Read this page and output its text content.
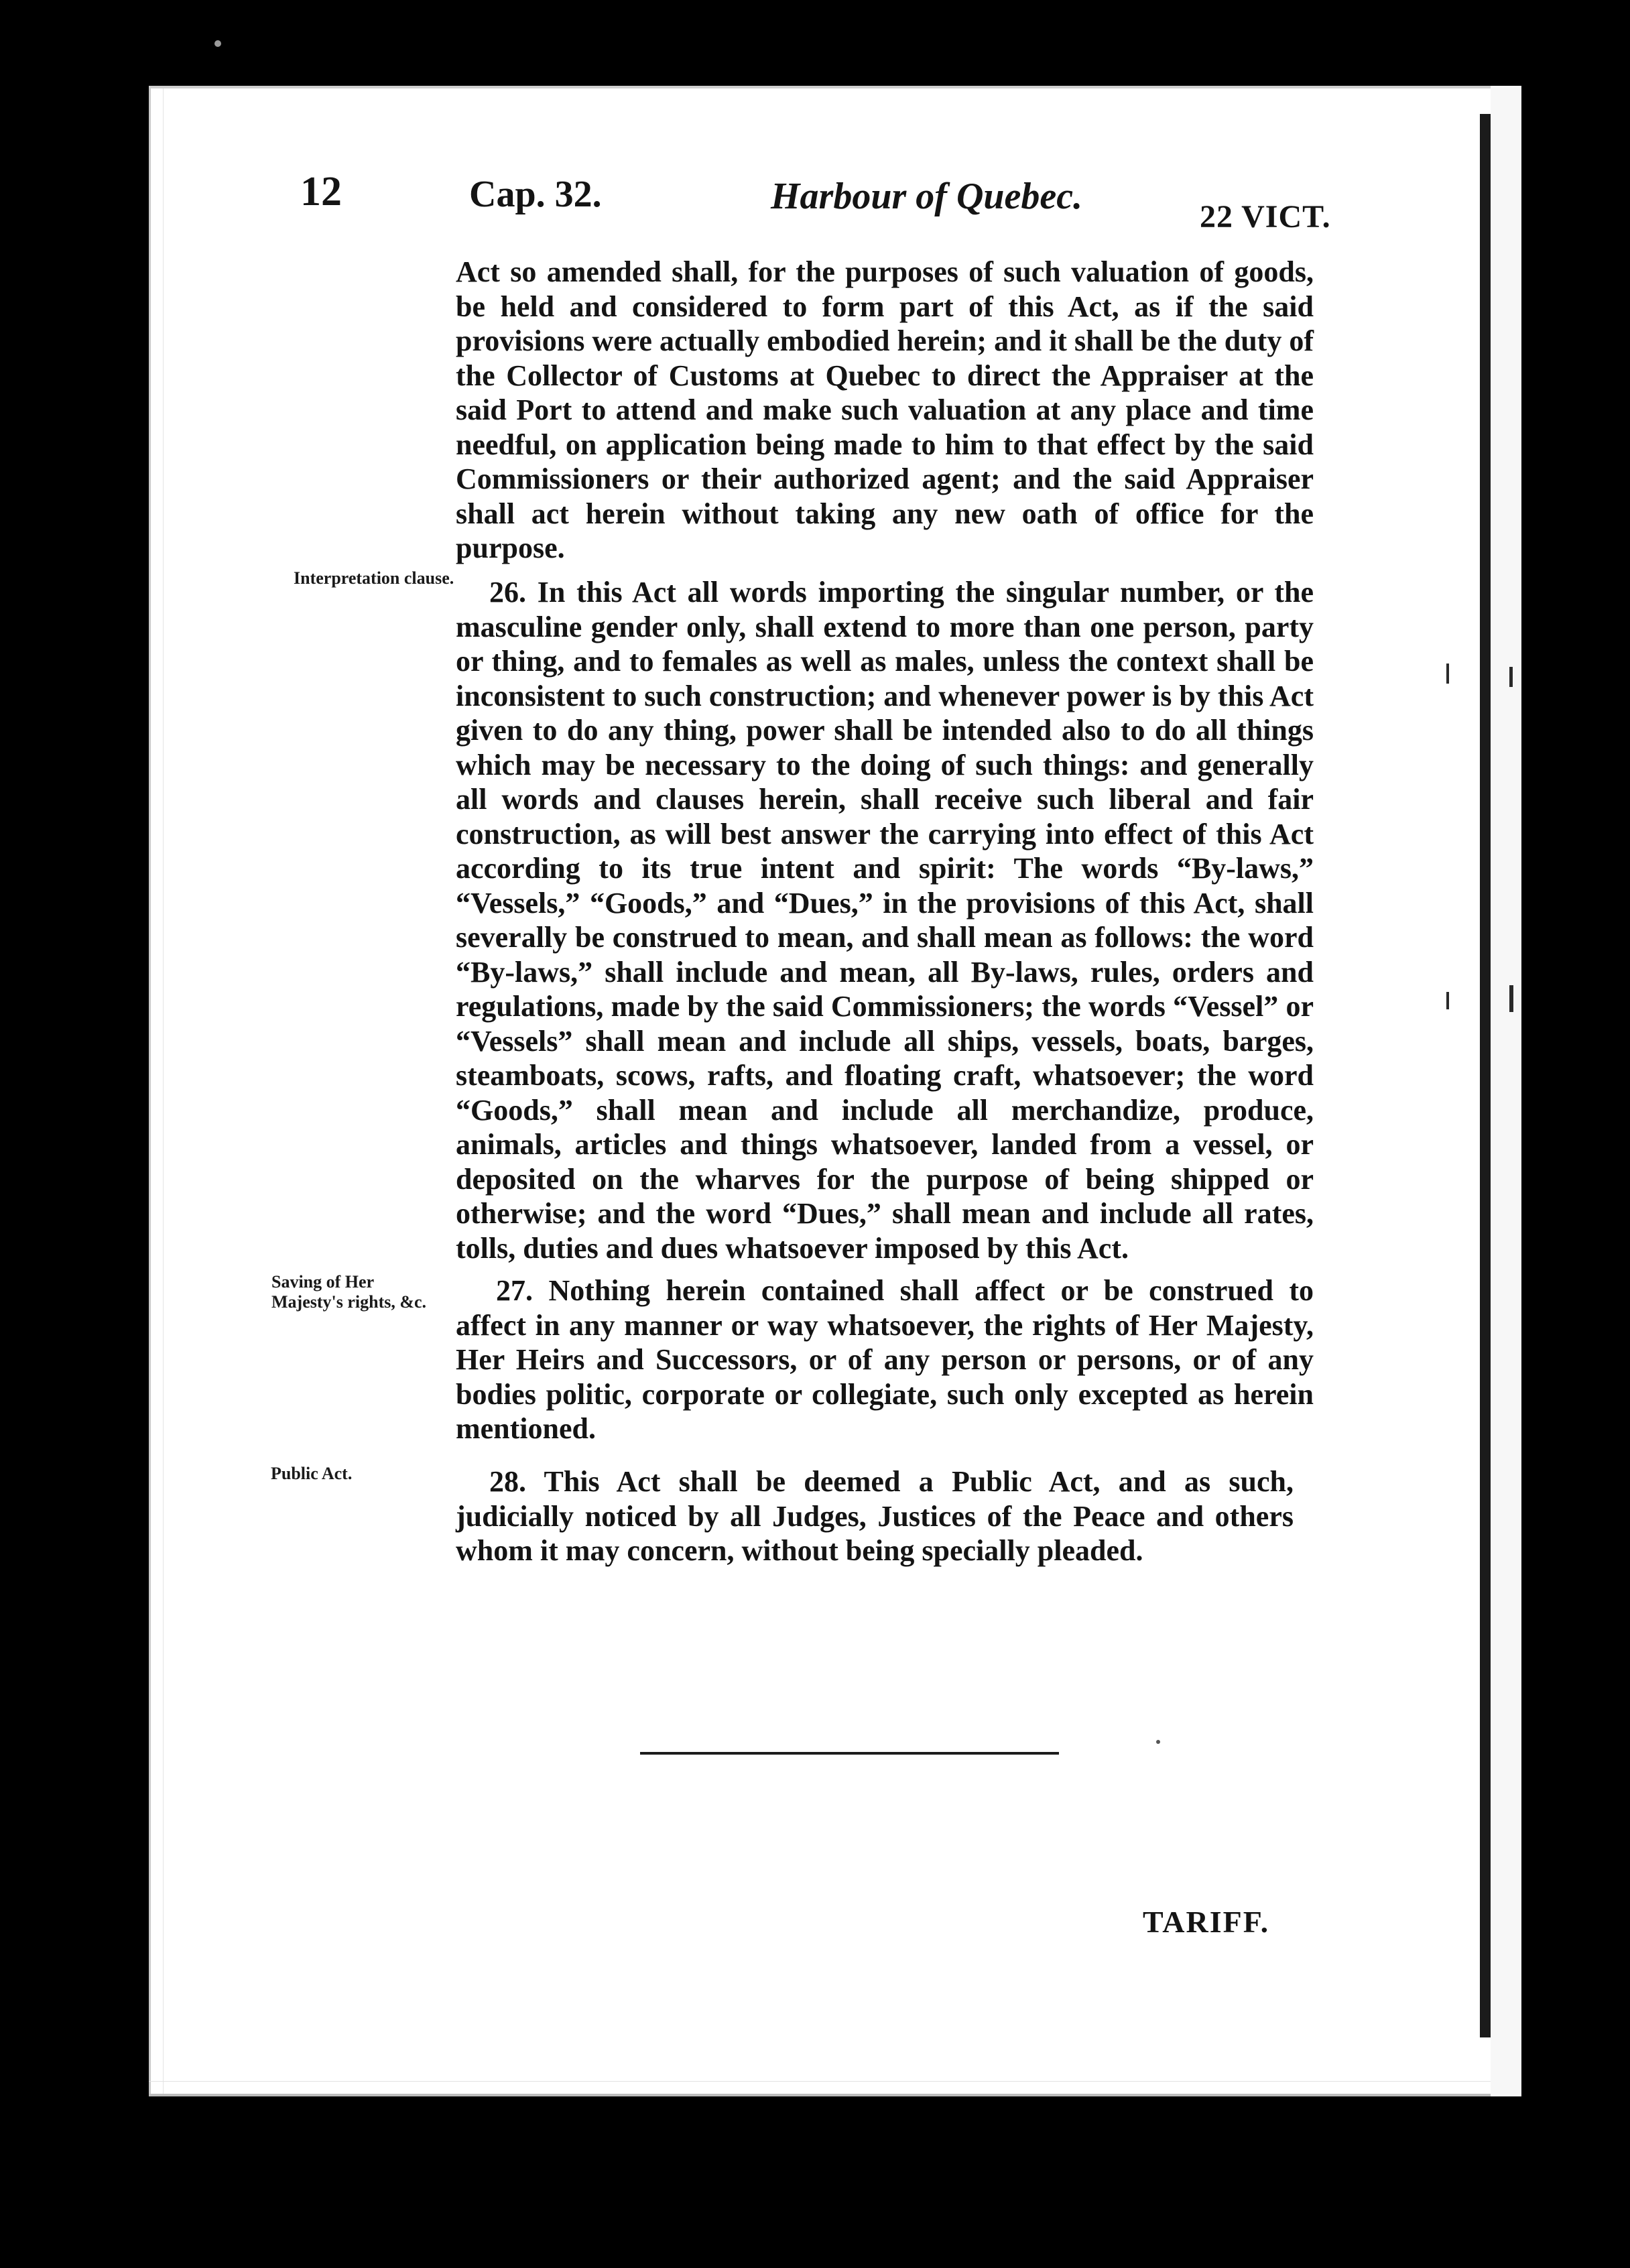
12	Cap. 32.	Harbour of Quebec.	22 VICT.
Act so amended shall, for the purposes of such valuation of goods, be held and considered to form part of this Act, as if the said provisions were actually embodied herein; and it shall be the duty of the Collector of Customs at Quebec to direct the Appraiser at the said Port to attend and make such valuation at any place and time needful, on application being made to him to that effect by the said Commissioners or their authorized agent; and the said Appraiser shall act herein without taking any new oath of office for the purpose.
Interpretation clause.	26. In this Act all words importing the singular number, or the masculine gender only, shall extend to more than one person, party or thing, and to females as well as males, unless the context shall be inconsistent to such construction; and whenever power is by this Act given to do any thing, power shall be intended also to do all things which may be necessary to the doing of such things: and generally all words and clauses herein, shall receive such liberal and fair construction, as will best answer the carrying into effect of this Act according to its true intent and spirit: The words “By-laws,” “Vessels,” “Goods,” and “Dues,” in the provisions of this Act, shall severally be construed to mean, and shall mean as follows: the word “By-laws,” shall include and mean, all By-laws, rules, orders and regulations, made by the said Commissioners; the words “Vessel” or “Vessels” shall mean and include all ships, vessels, boats, barges, steamboats, scows, rafts, and floating craft, whatsoever; the word “Goods,” shall mean and include all merchandize, produce, animals, articles and things whatsoever, landed from a vessel, or deposited on the wharves for the purpose of being shipped or otherwise; and the word “Dues,” shall mean and include all rates, tolls, duties and dues whatsoever imposed by this Act.
Saving of Her Majesty's rights, &c.	27. Nothing herein contained shall affect or be construed to affect in any manner or way whatsoever, the rights of Her Majesty, Her Heirs and Successors, or of any person or persons, or of any bodies politic, corporate or collegiate, such only excepted as herein mentioned.
Public Act.	28. This Act shall be deemed a Public Act, and as such, judicially noticed by all Judges, Justices of the Peace and others whom it may concern, without being specially pleaded.
TARIFF.
